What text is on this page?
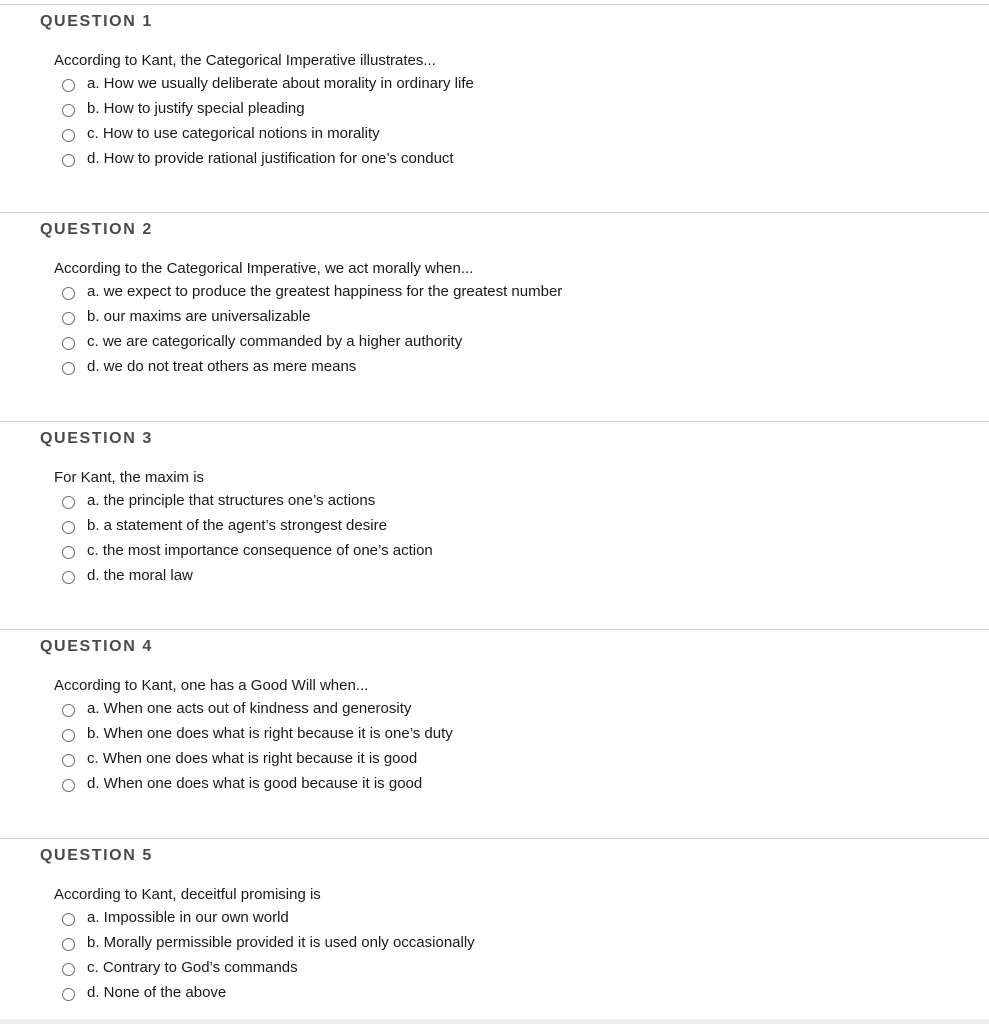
QUESTION 1

According to Kant, the Categorical Imperative illustrates...

a. How we usually deliberate about morality in ordinary life
b. How to justify special pleading
c. How to use categorical notions in morality
d. How to provide rational justification for one’s conduct
QUESTION 2

According to the Categorical Imperative, we act morally when...

a. we expect to produce the greatest happiness for the greatest number
b. our maxims are universalizable
c. we are categorically commanded by a higher authority
d. we do not treat others as mere means
QUESTION 3

For Kant, the maxim is

a. the principle that structures one’s actions
b. a statement of the agent’s strongest desire
c. the most importance consequence of one’s action
d. the moral law
QUESTION 4

According to Kant, one has a Good Will when...

a. When one acts out of kindness and generosity
b. When one does what is right because it is one’s duty
c. When one does what is right because it is good
d. When one does what is good because it is good
QUESTION 5

According to Kant, deceitful promising is

a. Impossible in our own world
b. Morally permissible provided it is used only occasionally
c. Contrary to God’s commands
d. None of the above
